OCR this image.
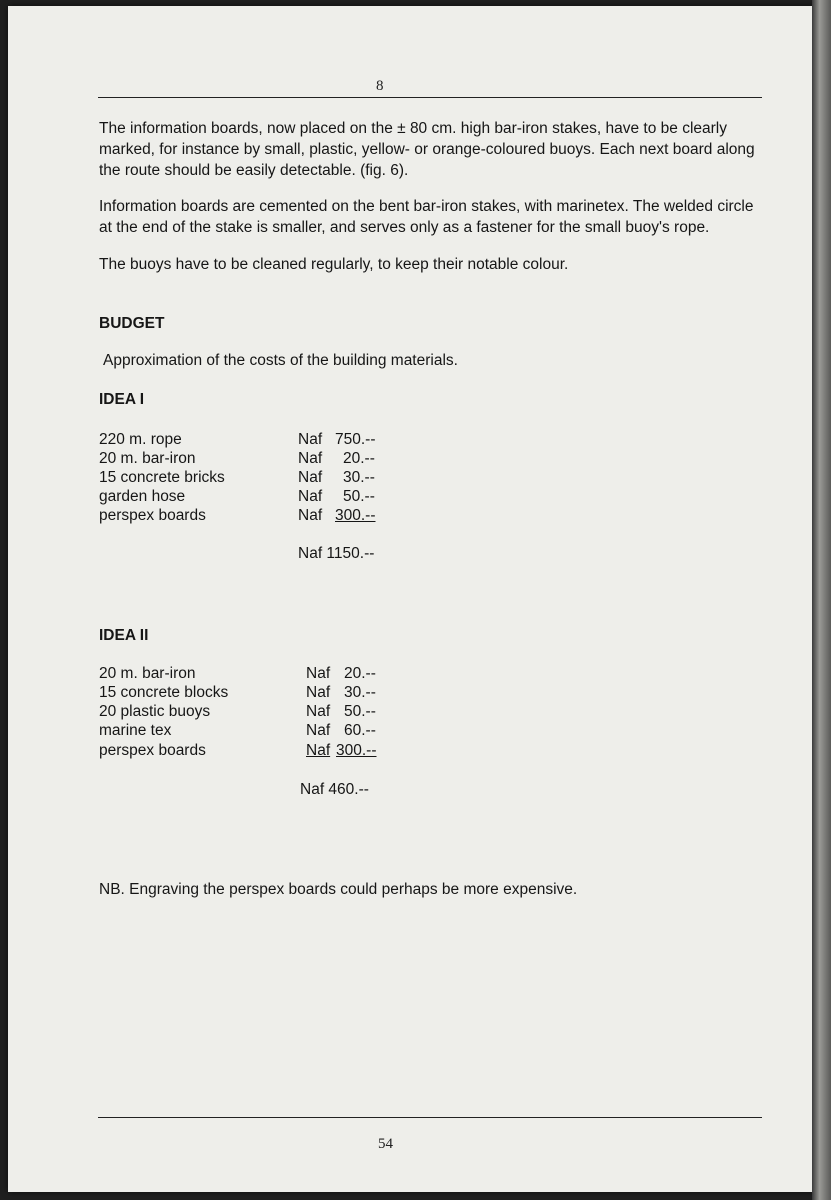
8

The information boards, now placed on the ± 80 cm. high bar-iron stakes, have to be clearly marked, for instance by small, plastic, yellow- or orange-coloured buoys. Each next board along the route should be easily detectable. (fig. 6).

Information boards are cemented on the bent bar-iron stakes, with marinetex. The welded circle at the end of the stake is smaller, and serves only as a fastener for the small buoy's rope.

The buoys have to be cleaned regularly, to keep their notable colour.

BUDGET

Approximation of the costs of the building materials.

IDEA I

220 m. rope	Naf 750.--
20 m. bar-iron	Naf 20.--
15 concrete bricks	Naf 30.--
garden hose	Naf 50.--
perspex boards	Naf 300.--
Naf 1150.--

IDEA II

20 m. bar-iron	Naf 20.--
15 concrete blocks	Naf 30.--
20 plastic buoys	Naf 50.--
marine tex	Naf 60.--
perspex boards	Naf 300.--
Naf 460.--

NB. Engraving the perspex boards could perhaps be more expensive.

54
